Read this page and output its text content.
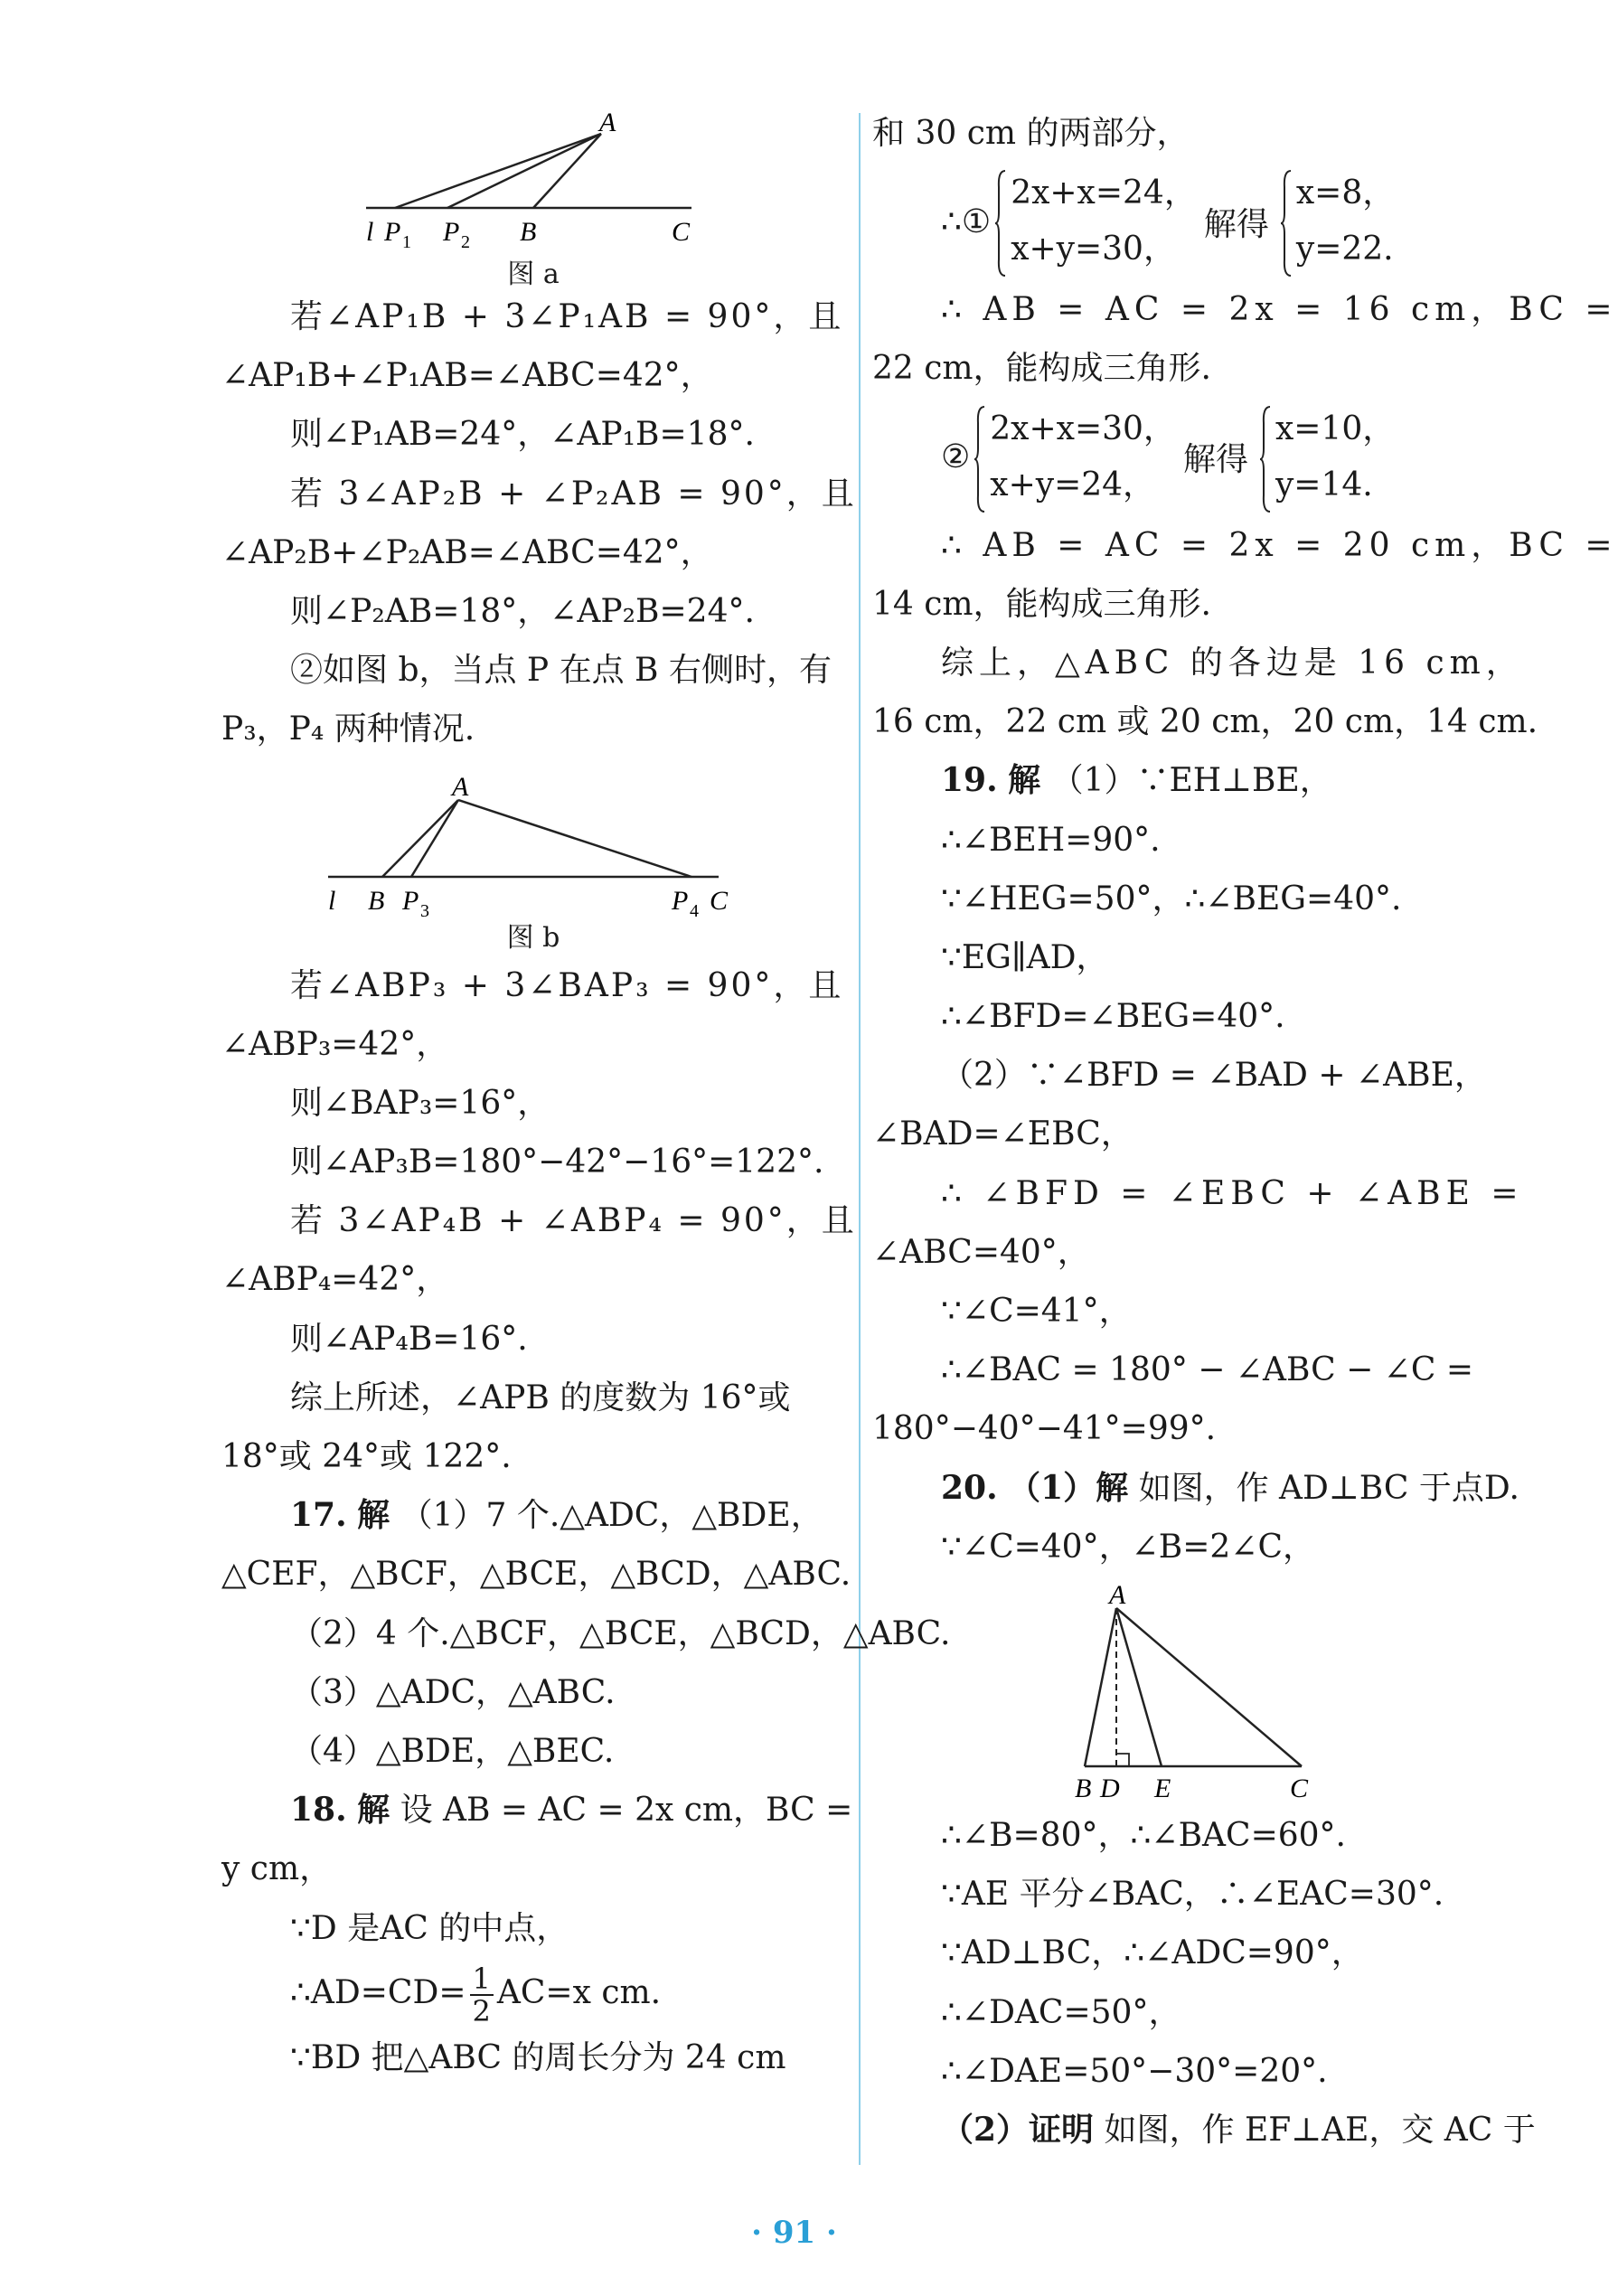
A
l P 1 P 2 B	C
图 a
若∠AP₁B + 3∠P₁AB = 90°，且
∠AP₁B+∠P₁AB=∠ABC=42°，
则∠P₁AB=24°，∠AP₁B=18°.
若 3∠AP₂B + ∠P₂AB = 90°，且
∠AP₂B+∠P₂AB=∠ABC=42°，
则∠P₂AB=18°，∠AP₂B=24°.
②如图 b，当点 P 在点 B 右侧时，有
P₃，P₄ 两种情况.
A
l B P 3	P 4 C
图 b
若∠ABP₃ + 3∠BAP₃ = 90°，且
∠ABP₃=42°，
则∠BAP₃=16°，
则∠AP₃B=180°−42°−16°=122°.
若 3∠AP₄B + ∠ABP₄ = 90°，且
∠ABP₄=42°，
则∠AP₄B=16°.
综上所述，∠APB 的度数为 16°或
18°或 24°或 122°.
17. 解 （1）7 个.△ADC，△BDE，
△CEF，△BCF，△BCE，△BCD，△ABC.
（2）4 个.△BCF，△BCE，△BCD，△ABC.
（3）△ADC，△ABC.
（4）△BDE，△BEC.
18. 解 设 AB = AC = 2x cm，BC =
y cm，
∵D 是AC 的中点，
∴AD=CD= $\frac{1}{2} AC=x$ cm.
∵BD 把△ABC 的周长分为 24 cm
和 30 cm 的两部分，
∴①
2x+x=24，
x+y=30，
解得
x=8，
y=22.
∴ AB = AC = 2x = 16 cm，BC =
22 cm，能构成三角形.
②
2x+x=30，
x+y=24，
解得
x=10，
y=14.
∴ AB = AC = 2x = 20 cm，BC =
14 cm，能构成三角形.
综上，△ABC 的各边是 16 cm，
16 cm，22 cm 或 20 cm，20 cm，14 cm.
19. 解 （1）∵EH⊥BE，
∴∠BEH=90°.
∵∠HEG=50°，∴∠BEG=40°.
∵EG∥AD，
∴∠BFD=∠BEG=40°.
（2）∵∠BFD = ∠BAD + ∠ABE，
∠BAD=∠EBC，
∴ ∠BFD = ∠EBC + ∠ABE =
∠ABC=40°，
∵∠C=41°，
∴∠BAC = 180° − ∠ABC − ∠C =
180°−40°−41°=99°.
20. （1）解 如图，作 AD⊥BC 于点D.
∵∠C=40°，∠B=2∠C，
A
B D E	C
∴∠B=80°，∴∠BAC=60°.
∵AE 平分∠BAC，∴∠EAC=30°.
∵AD⊥BC，∴∠ADC=90°，
∴∠DAC=50°，
∴∠DAE=50°−30°=20°.
（2）证明 如图，作 EF⊥AE，交 AC 于
· 91 ·
